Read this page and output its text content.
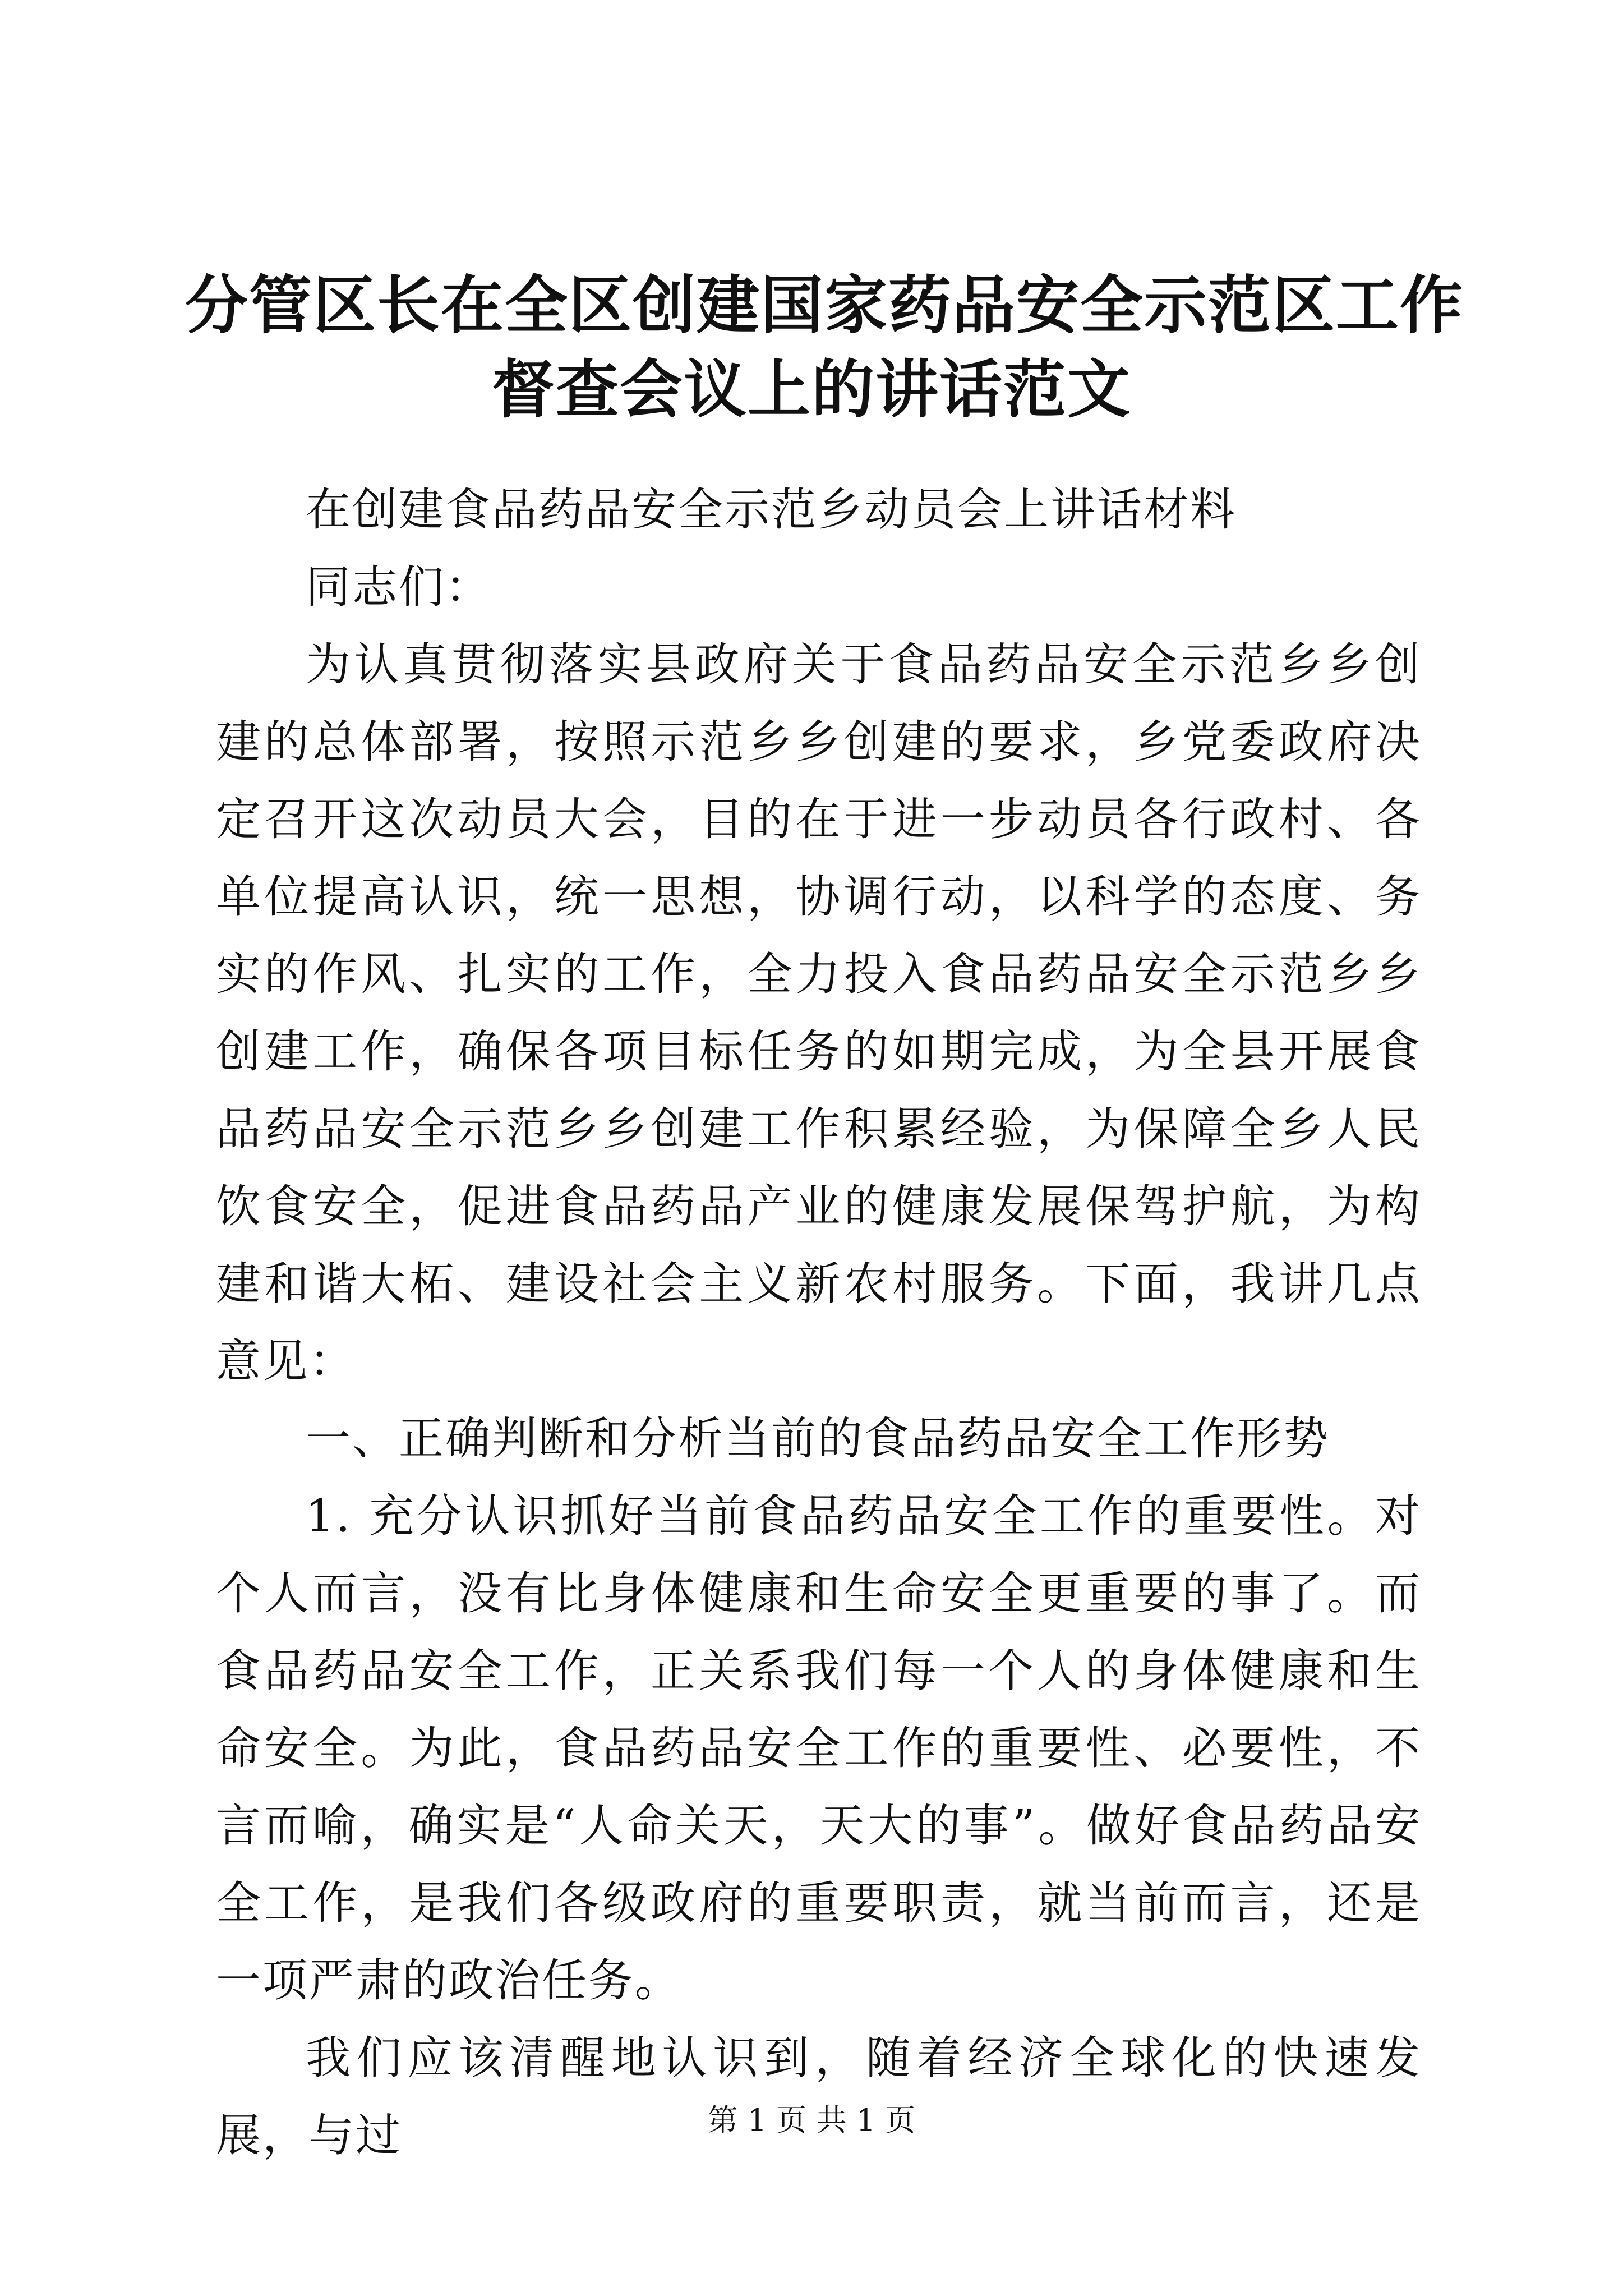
分管区长在全区创建国家药品安全示范区工作
督查会议上的讲话范文

在创建食品药品安全示范乡动员会上讲话材料

同志们：

为认真贯彻落实县政府关于食品药品安全示范乡乡创建的总体部署，按照示范乡乡创建的要求，乡党委政府决定召开这次动员大会，目的在于进一步动员各行政村、各单位提高认识，统一思想，协调行动，以科学的态度、务实的作风、扎实的工作，全力投入食品药品安全示范乡乡创建工作，确保各项目标任务的如期完成，为全县开展食品药品安全示范乡乡创建工作积累经验，为保障全乡人民饮食安全，促进食品药品产业的健康发展保驾护航，为构建和谐大柘、建设社会主义新农村服务。下面，我讲几点意见：

一、正确判断和分析当前的食品药品安全工作形势

1. 充分认识抓好当前食品药品安全工作的重要性。对个人而言，没有比身体健康和生命安全更重要的事了。而食品药品安全工作，正关系我们每一个人的身体健康和生命安全。为此，食品药品安全工作的重要性、必要性，不言而喻，确实是“人命关天，天大的事”。做好食品药品安全工作，是我们各级政府的重要职责，就当前而言，还是一项严肃的政治任务。

我们应该清醒地认识到，随着经济全球化的快速发展，与过	第 1 页 共 1 页
